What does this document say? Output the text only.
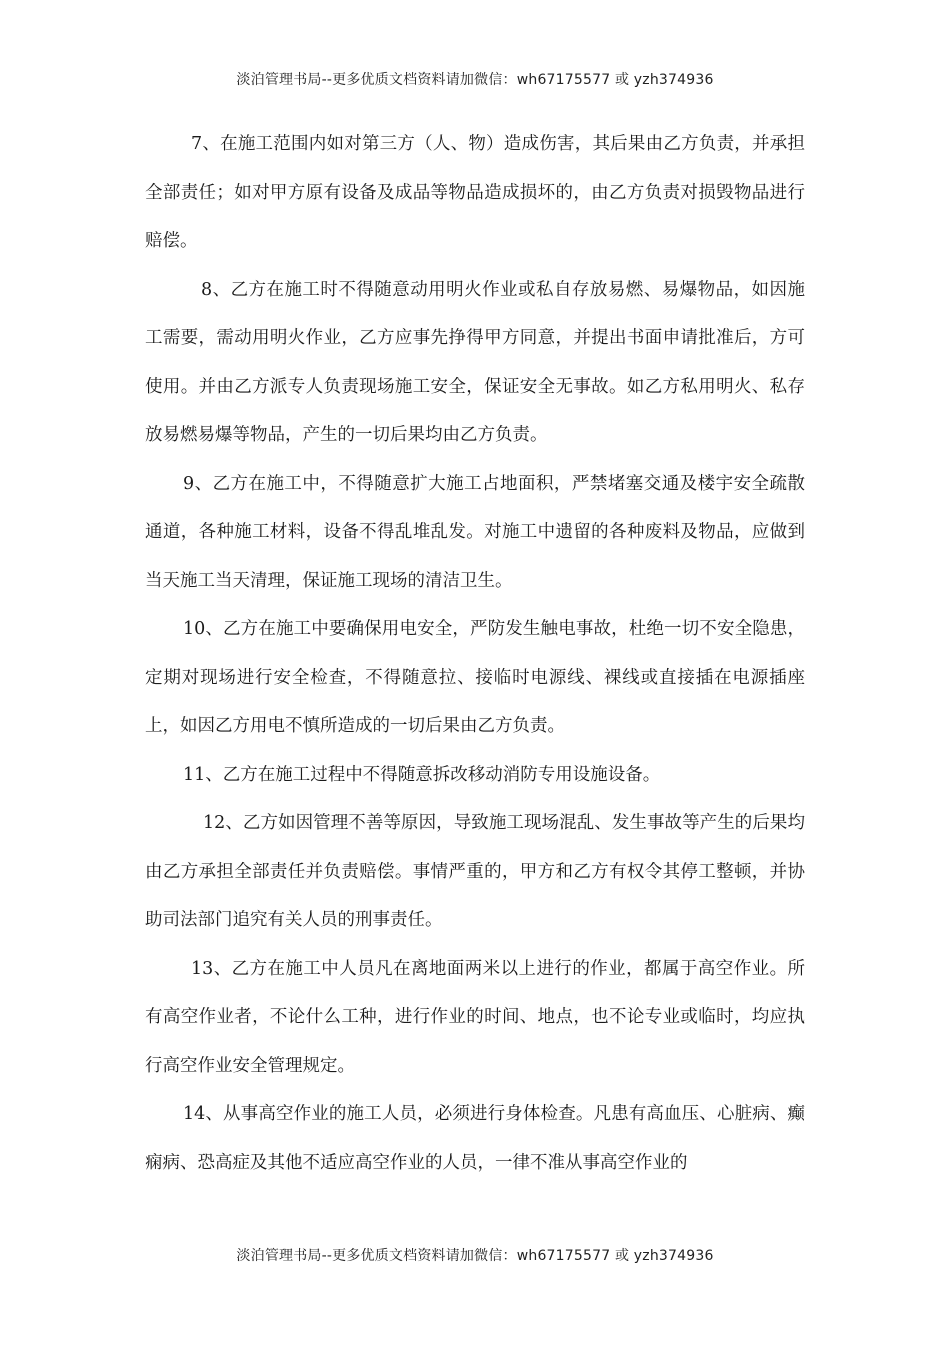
淡泊管理书局--更多优质文档资料请加微信：wh67175577 或 yzh374936

7、在施工范围内如对第三方（人、物）造成伤害，其后果由乙方负责，并承担全部责任；如对甲方原有设备及成品等物品造成损坏的，由乙方负责对损毁物品进行赔偿。

8、乙方在施工时不得随意动用明火作业或私自存放易燃、易爆物品，如因施工需要，需动用明火作业，乙方应事先挣得甲方同意，并提出书面申请批准后，方可使用。并由乙方派专人负责现场施工安全，保证安全无事故。如乙方私用明火、私存放易燃易爆等物品，产生的一切后果均由乙方负责。

9、乙方在施工中，不得随意扩大施工占地面积，严禁堵塞交通及楼宇安全疏散通道，各种施工材料，设备不得乱堆乱发。对施工中遗留的各种废料及物品，应做到当天施工当天清理，保证施工现场的清洁卫生。

10、乙方在施工中要确保用电安全，严防发生触电事故，杜绝一切不安全隐患，定期对现场进行安全检查，不得随意拉、接临时电源线、裸线或直接插在电源插座上，如因乙方用电不慎所造成的一切后果由乙方负责。

11、乙方在施工过程中不得随意拆改移动消防专用设施设备。

12、乙方如因管理不善等原因，导致施工现场混乱、发生事故等产生的后果均由乙方承担全部责任并负责赔偿。事情严重的，甲方和乙方有权令其停工整顿，并协助司法部门追究有关人员的刑事责任。

13、乙方在施工中人员凡在离地面两米以上进行的作业，都属于高空作业。所有高空作业者，不论什么工种，进行作业的时间、地点，也不论专业或临时，均应执行高空作业安全管理规定。

14、从事高空作业的施工人员，必须进行身体检查。凡患有高血压、心脏病、癫痫病、恐高症及其他不适应高空作业的人员，一律不准从事高空作业的

淡泊管理书局--更多优质文档资料请加微信：wh67175577 或 yzh374936
